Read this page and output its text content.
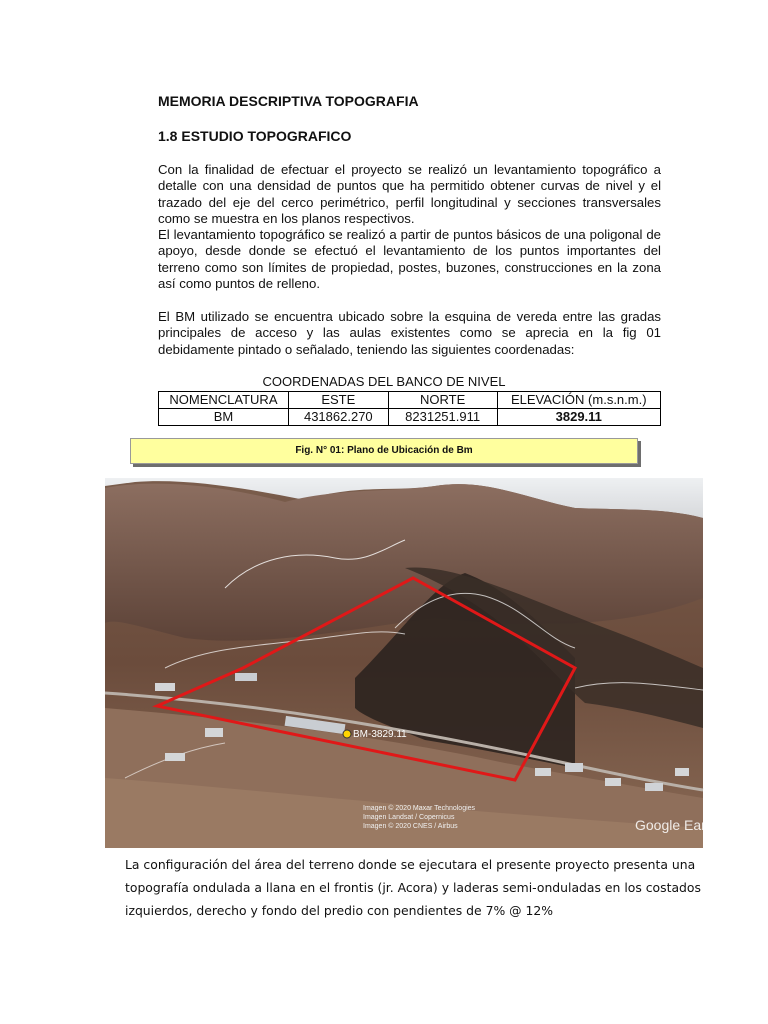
MEMORIA DESCRIPTIVA TOPOGRAFIA
1.8 ESTUDIO TOPOGRAFICO

Con la finalidad de efectuar el proyecto se realizó un levantamiento topográfico a detalle con una densidad de puntos que ha permitido obtener curvas de nivel y el trazado del eje del cerco perimétrico, perfil longitudinal y secciones transversales como se muestra en los planos respectivos.

El levantamiento topográfico se realizó a partir de puntos básicos de una poligonal de apoyo, desde donde se efectuó el levantamiento de los puntos importantes del terreno como son límites de propiedad, postes, buzones, construcciones en la zona así como puntos de relleno.

El BM utilizado se encuentra ubicado sobre la esquina de vereda entre las gradas principales de acceso y las aulas existentes como se aprecia en la fig 01 debidamente pintado o señalado, teniendo las siguientes coordenadas:

COORDENADAS DEL BANCO DE NIVEL
NOMENCLATURA	ESTE	NORTE	ELEVACIÓN (m.s.n.m.)
BM	431862.270	8231251.911	3829.11
Fig. N° 01: Plano de Ubicación de Bm
BM-3829.11
Imagen © 2020 Maxar Technologies
Imagen Landsat / Copernicus
Imagen © 2020 CNES / Airbus	Google Earth

La configuración del área del terreno donde se ejecutara el presente proyecto presenta una topografía ondulada a llana en el frontis (jr. Acora) y laderas semi-onduladas en los costados izquierdos, derecho y fondo del predio con pendientes de 7% @ 12%
